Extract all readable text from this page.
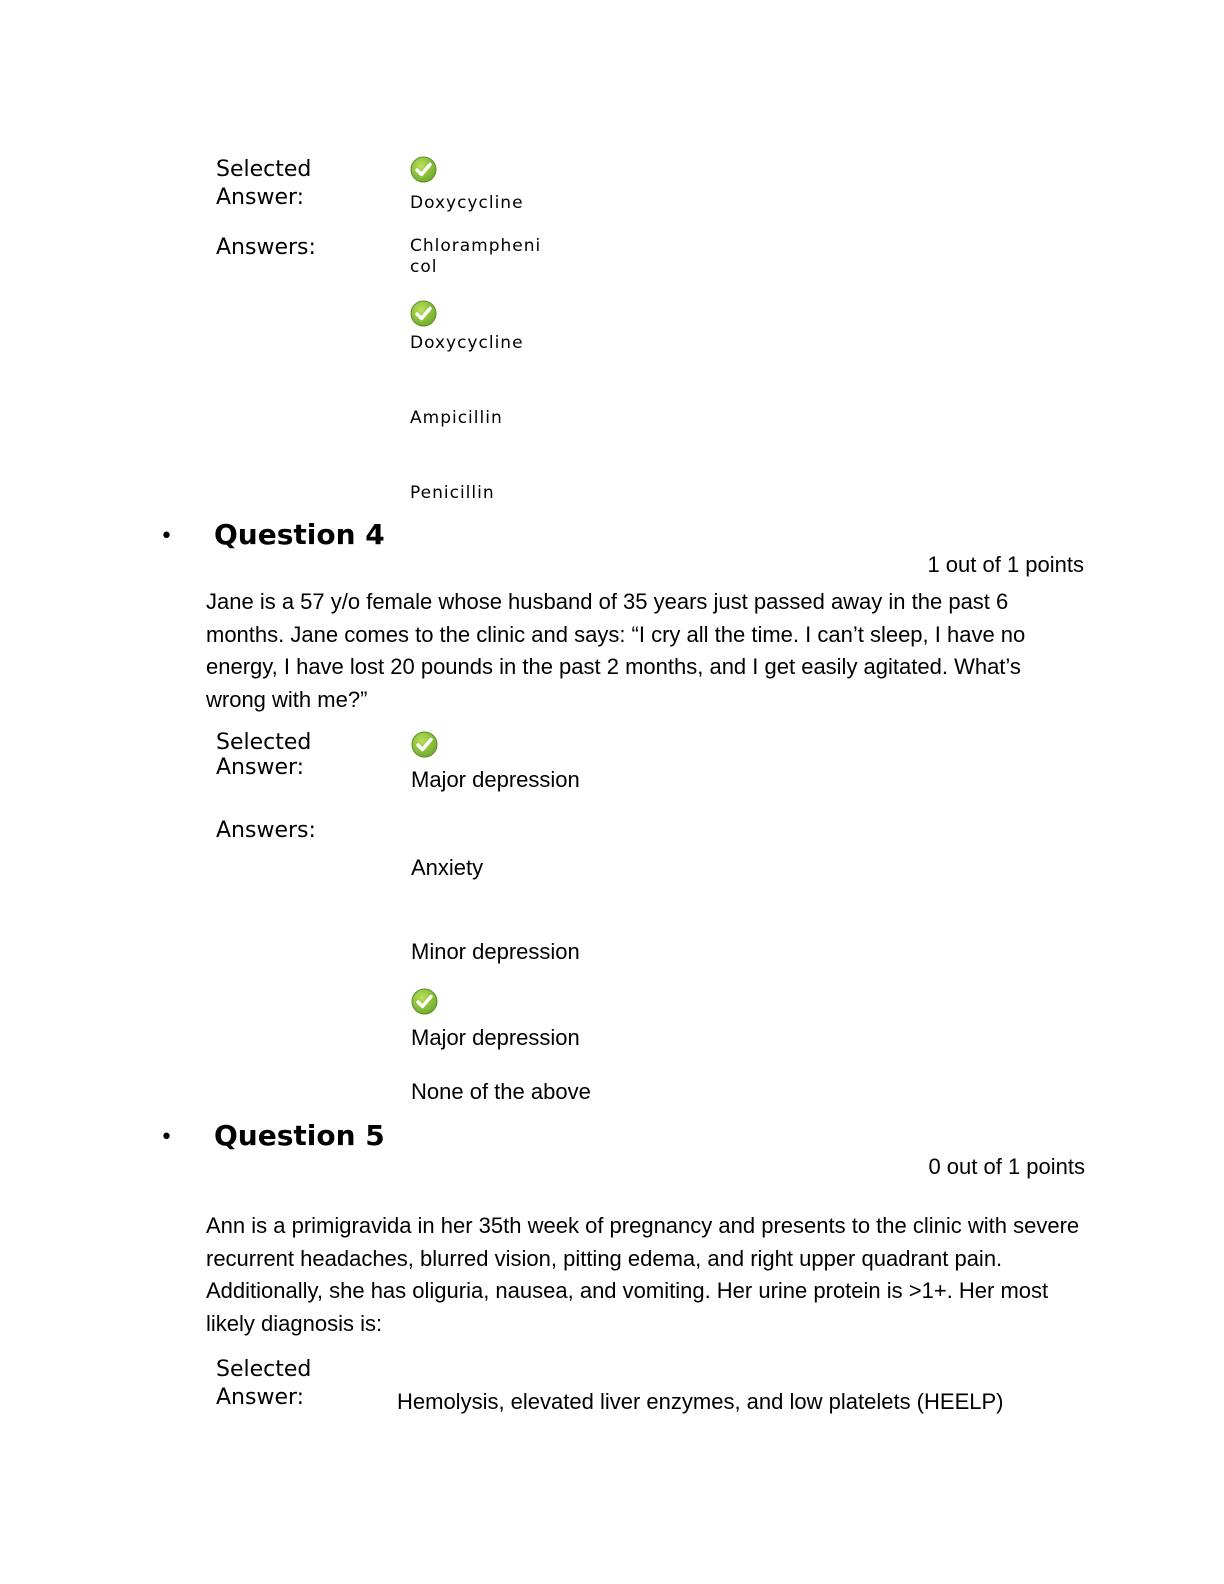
Selected
Answer:	Doxycycline
Answers:	Chlorampheni
col
Doxycycline
Ampicillin
Penicillin
• Question 4
1 out of 1 points
Jane is a 57 y/o female whose husband of 35 years just passed away in the past 6 months. Jane comes to the clinic and says: “I cry all the time. I can’t sleep, I have no energy, I have lost 20 pounds in the past 2 months, and I get easily agitated. What’s wrong with me?”
Selected
Answer:	Major depression
Answers:
Anxiety
Minor depression
Major depression
None of the above
• Question 5
0 out of 1 points
Ann is a primigravida in her 35th week of pregnancy and presents to the clinic with severe recurrent headaches, blurred vision, pitting edema, and right upper quadrant pain. Additionally, she has oliguria, nausea, and vomiting. Her urine protein is >1+. Her most likely diagnosis is:
Selected
Answer:	Hemolysis, elevated liver enzymes, and low platelets (HEELP)
